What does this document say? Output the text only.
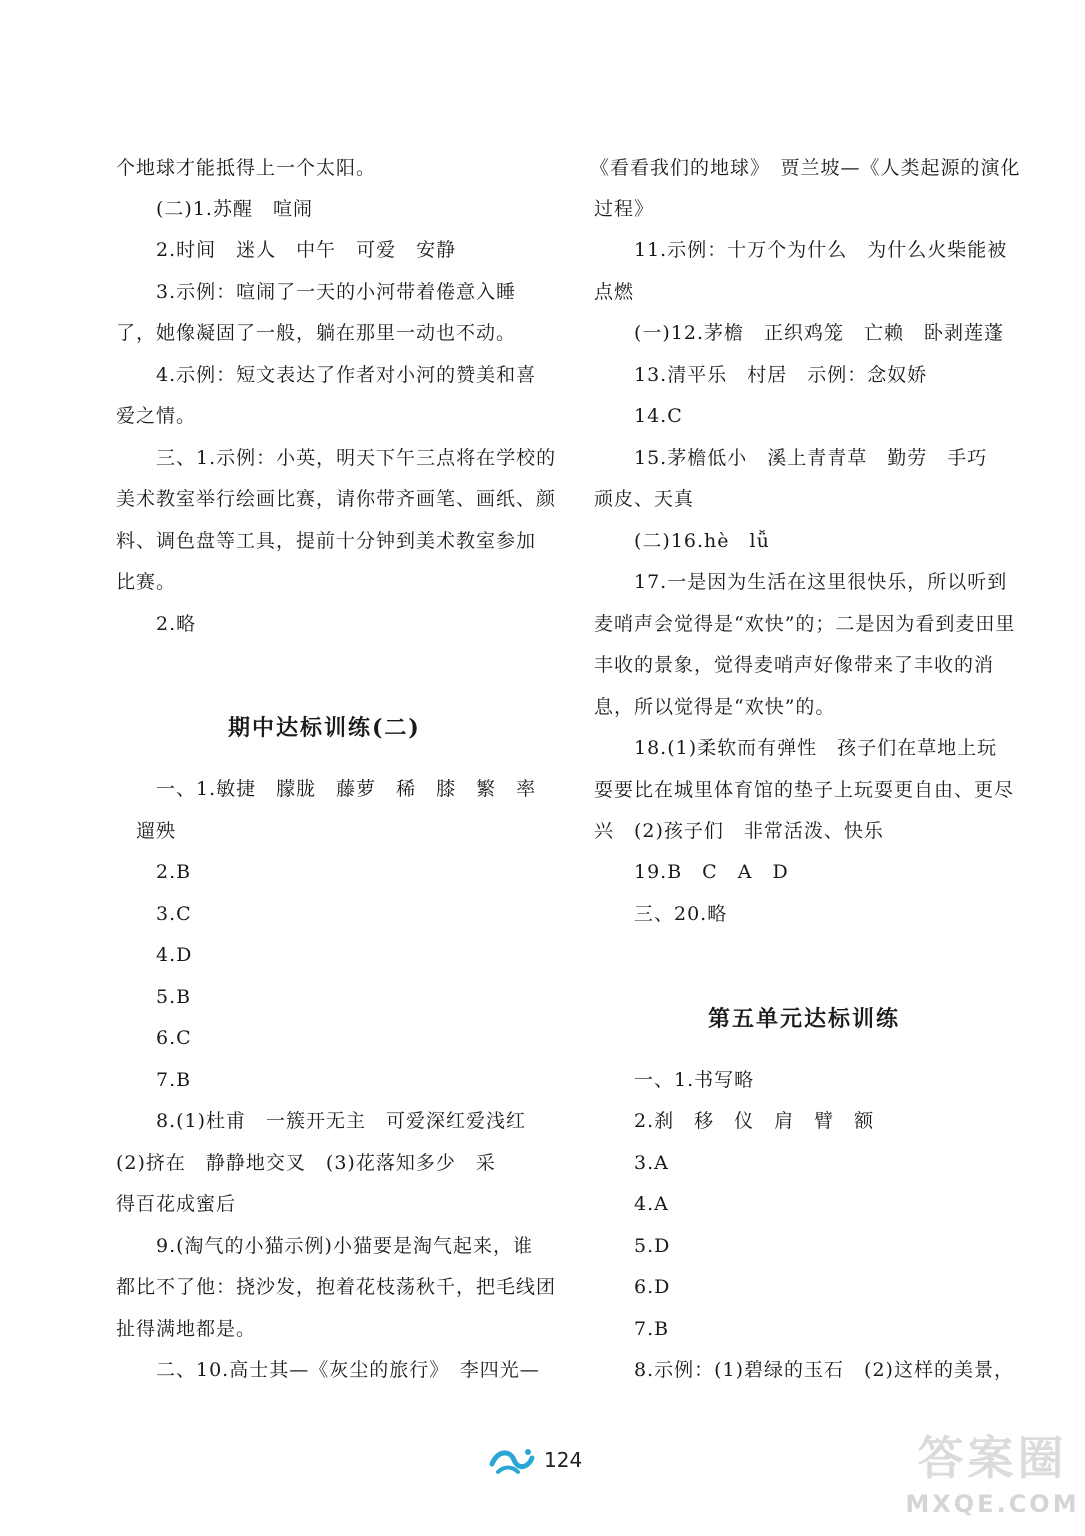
个地球才能抵得上一个太阳。
(二)1.苏醒　喧闹
2.时间　迷人　中午　可爱　安静
3.示例：喧闹了一天的小河带着倦意入睡
了，她像凝固了一般，躺在那里一动也不动。
4.示例：短文表达了作者对小河的赞美和喜
爱之情。
三、1.示例：小英，明天下午三点将在学校的
美术教室举行绘画比赛，请你带齐画笔、画纸、颜
料、调色盘等工具，提前十分钟到美术教室参加
比赛。
2.略
期中达标训练(二)
一、1.敏捷　朦胧　藤萝　稀　膝　繁　率
遛殃
2.B
3.C
4.D
5.B
6.C
7.B
8.(1)杜甫　一簇开无主　可爱深红爱浅红
(2)挤在　静静地交叉　(3)花落知多少　采
得百花成蜜后
9.(淘气的小猫示例)小猫要是淘气起来，谁
都比不了他：挠沙发，抱着花枝荡秋千，把毛线团
扯得满地都是。
二、10.高士其—《灰尘的旅行》　李四光—
《看看我们的地球》　贾兰坡—《人类起源的演化
过程》
11.示例：十万个为什么　为什么火柴能被
点燃
(一)12.茅檐　正织鸡笼　亡赖　卧剥莲蓬
13.清平乐　村居　示例：念奴娇
14.C
15.茅檐低小　溪上青青草　勤劳　手巧
顽皮、天真
(二)16.hè　lǚ
17.一是因为生活在这里很快乐，所以听到
麦哨声会觉得是“欢快”的；二是因为看到麦田里
丰收的景象，觉得麦哨声好像带来了丰收的消
息，所以觉得是“欢快”的。
18.(1)柔软而有弹性　孩子们在草地上玩
耍要比在城里体育馆的垫子上玩耍更自由、更尽
兴　(2)孩子们　非常活泼、快乐
19.B　C　A　D
三、20.略
第五单元达标训练
一、1.书写略
2.刹　移　仪　肩　臂　额
3.A
4.A
5.D
6.D
7.B
8.示例：(1)碧绿的玉石　(2)这样的美景，
124	答案圈
MXQE.COM
